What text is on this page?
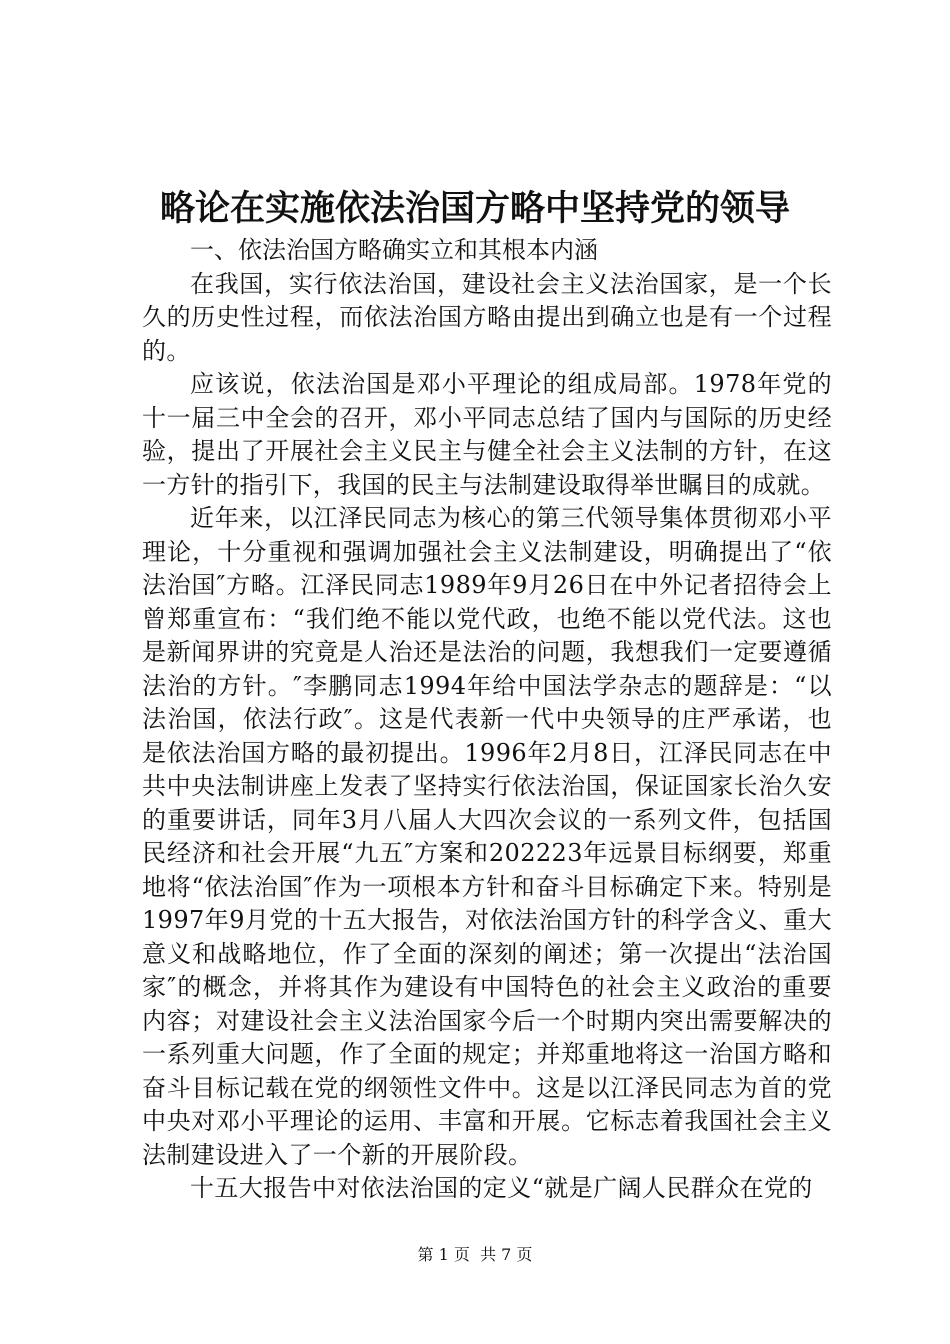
略论在实施依法治国方略中坚持党的领导

一、依法治国方略确实立和其根本内涵

在我国，实行依法治国，建设社会主义法治国家，是一个长久的历史性过程，而依法治国方略由提出到确立也是有一个过程的。

应该说，依法治国是邓小平理论的组成局部。1978年党的十一届三中全会的召开，邓小平同志总结了国内与国际的历史经验，提出了开展社会主义民主与健全社会主义法制的方针，在这一方针的指引下，我国的民主与法制建设取得举世瞩目的成就。

近年来，以江泽民同志为核心的第三代领导集体贯彻邓小平理论，十分重视和强调加强社会主义法制建设，明确提出了“依法治国″方略。江泽民同志1989年9月26日在中外记者招待会上曾郑重宣布：“我们绝不能以党代政，也绝不能以党代法。这也是新闻界讲的究竟是人治还是法治的问题，我想我们一定要遵循法治的方针。″李鹏同志1994年给中国法学杂志的题辞是：“以法治国，依法行政″。这是代表新一代中央领导的庄严承诺，也是依法治国方略的最初提出。1996年2月8日，江泽民同志在中共中央法制讲座上发表了坚持实行依法治国，保证国家长治久安的重要讲话，同年3月八届人大四次会议的一系列文件，包括国民经济和社会开展“九五″方案和202223年远景目标纲要，郑重地将“依法治国″作为一项根本方针和奋斗目标确定下来。特别是1997年9月党的十五大报告，对依法治国方针的科学含义、重大意义和战略地位，作了全面的深刻的阐述；第一次提出“法治国家″的概念，并将其作为建设有中国特色的社会主义政治的重要内容；对建设社会主义法治国家今后一个时期内突出需要解决的一系列重大问题，作了全面的规定；并郑重地将这一治国方略和奋斗目标记载在党的纲领性文件中。这是以江泽民同志为首的党中央对邓小平理论的运用、丰富和开展。它标志着我国社会主义法制建设进入了一个新的开展阶段。

十五大报告中对依法治国的定义“就是广阔人民群众在党的

第 1 页  共 7 页
